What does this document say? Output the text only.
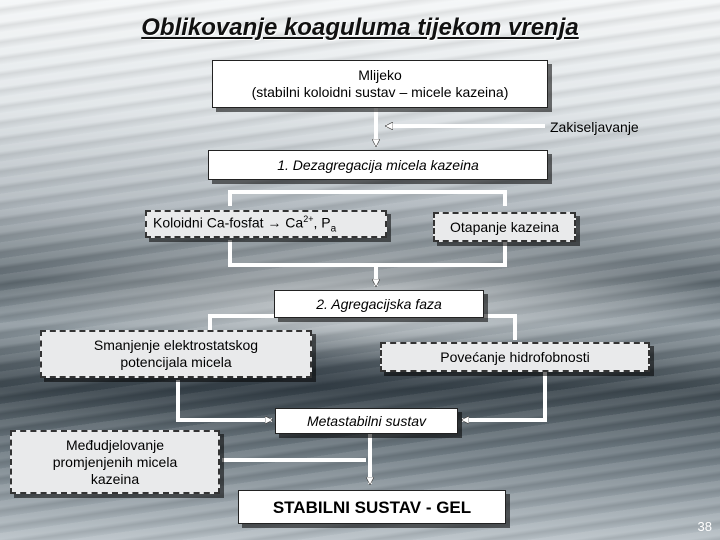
Oblikovanje koaguluma tijekom vrenja
Mlijeko
(stabilni koloidni sustav – micele kazeina)
Zakiseljavanje
1. Dezagregacija micela kazeina
Koloidni Ca-fosfat → $Ca^{2+}$, $P_a$	Otapanje kazeina
2. Agregacijska faza
Smanjenje elektrostatskog
potencijala micela	Povećanje hidrofobnosti
Metastabilni sustav
Međudjelovanje
promjenjenih micela
kazeina
STABILNI SUSTAV - GEL
38
